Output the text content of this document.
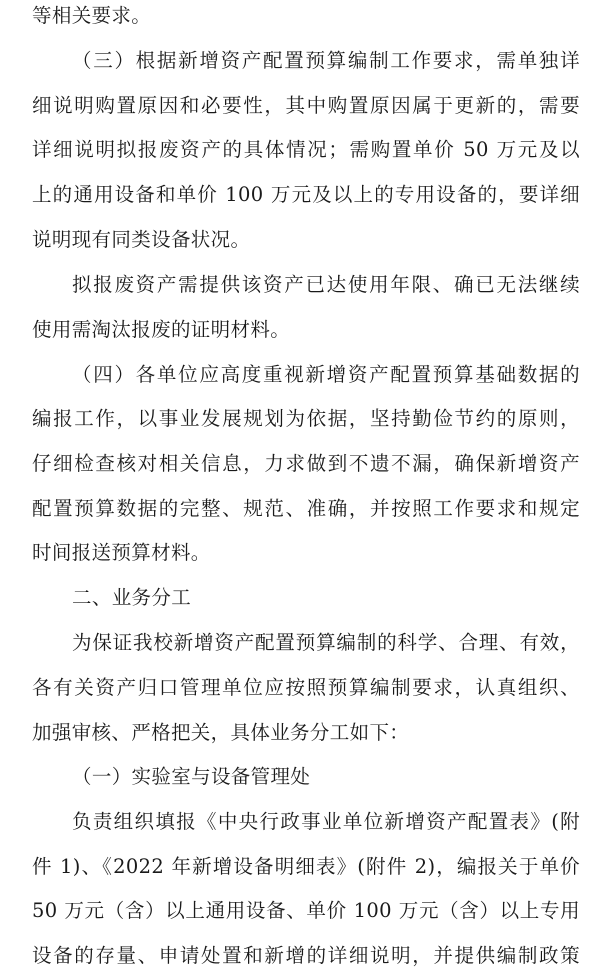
等相关要求。
（三）根据新增资产配置预算编制工作要求，需单独详
细说明购置原因和必要性，其中购置原因属于更新的，需要
详细说明拟报废资产的具体情况；需购置单价 50 万元及以
上的通用设备和单价 100 万元及以上的专用设备的，要详细
说明现有同类设备状况。
拟报废资产需提供该资产已达使用年限、确已无法继续
使用需淘汰报废的证明材料。
（四）各单位应高度重视新增资产配置预算基础数据的
编报工作，以事业发展规划为依据，坚持勤俭节约的原则，
仔细检查核对相关信息，力求做到不遗不漏，确保新增资产
配置预算数据的完整、规范、准确，并按照工作要求和规定
时间报送预算材料。
二、业务分工
为保证我校新增资产配置预算编制的科学、合理、有效，
各有关资产归口管理单位应按照预算编制要求，认真组织、
加强审核、严格把关，具体业务分工如下：
（一）实验室与设备管理处
负责组织填报《中央行政事业单位新增资产配置表》(附
件 1)、《2022 年新增设备明细表》(附件 2)，编报关于单价
50 万元（含）以上通用设备、单价 100 万元（含）以上专用
设备的存量、申请处置和新增的详细说明，并提供编制政策
